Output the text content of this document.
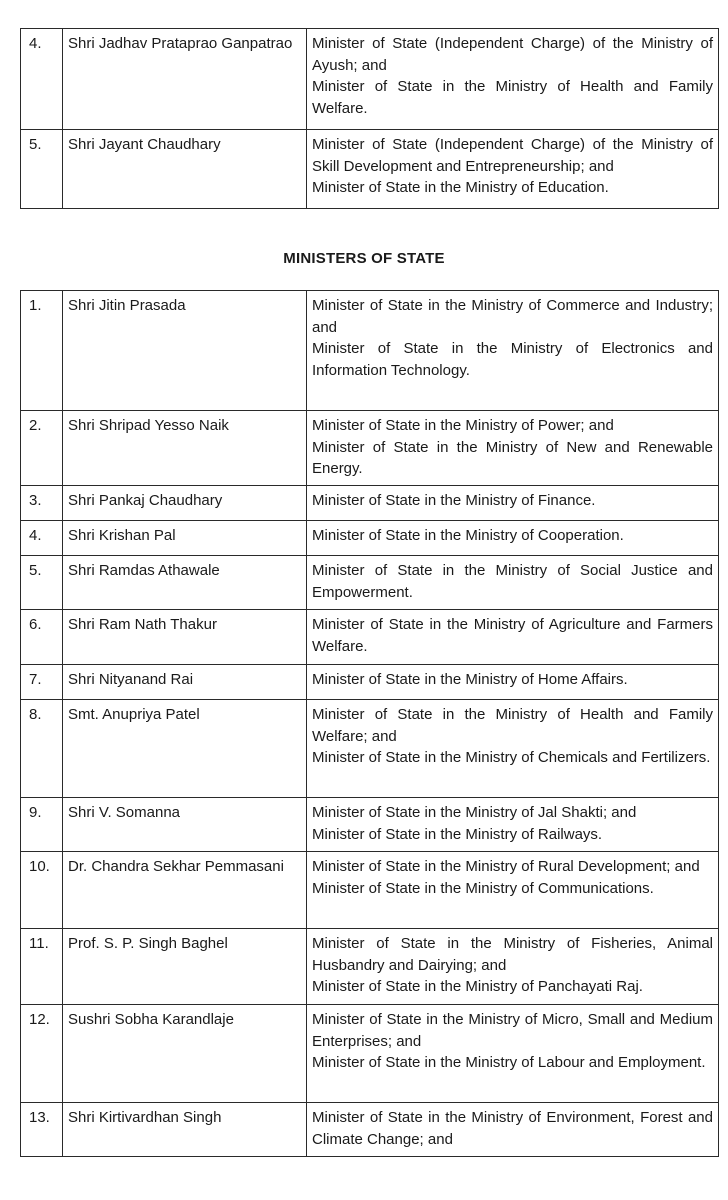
4.	Shri Jadhav Prataprao Ganpatrao	Minister of State (Independent Charge) of the Ministry of Ayush; and
Minister of State in the Ministry of Health and Family Welfare.

5.	Shri Jayant Chaudhary	Minister of State (Independent Charge) of the Ministry of Skill Development and Entrepreneurship; and
Minister of State in the Ministry of Education.
MINISTERS OF STATE
1.	Shri Jitin Prasada	Minister of State in the Ministry of Commerce and Industry; and
Minister of State in the Ministry of Electronics and Information Technology.

2.	Shri Shripad Yesso Naik	Minister of State in the Ministry of Power; and
Minister of State in the Ministry of New and Renewable Energy.

3.	Shri Pankaj Chaudhary	Minister of State in the Ministry of Finance.

4.	Shri Krishan Pal	Minister of State in the Ministry of Cooperation.

5.	Shri Ramdas Athawale	Minister of State in the Ministry of Social Justice and Empowerment.

6.	Shri Ram Nath Thakur	Minister of State in the Ministry of Agriculture and Farmers Welfare.

7.	Shri Nityanand Rai	Minister of State in the Ministry of Home Affairs.

8.	Smt. Anupriya Patel	Minister of State in the Ministry of Health and Family Welfare; and
Minister of State in the Ministry of Chemicals and Fertilizers.

9.	Shri V. Somanna	Minister of State in the Ministry of Jal Shakti; and
Minister of State in the Ministry of Railways.

10.	Dr. Chandra Sekhar Pemmasani	Minister of State in the Ministry of Rural Development; and
Minister of State in the Ministry of Communications.

11.	Prof. S. P. Singh Baghel	Minister of State in the Ministry of Fisheries, Animal Husbandry and Dairying; and
Minister of State in the Ministry of Panchayati Raj.

12.	Sushri Sobha Karandlaje	Minister of State in the Ministry of Micro, Small and Medium Enterprises; and
Minister of State in the Ministry of Labour and Employment.

13.	Shri Kirtivardhan Singh	Minister of State in the Ministry of Environment, Forest and Climate Change; and
